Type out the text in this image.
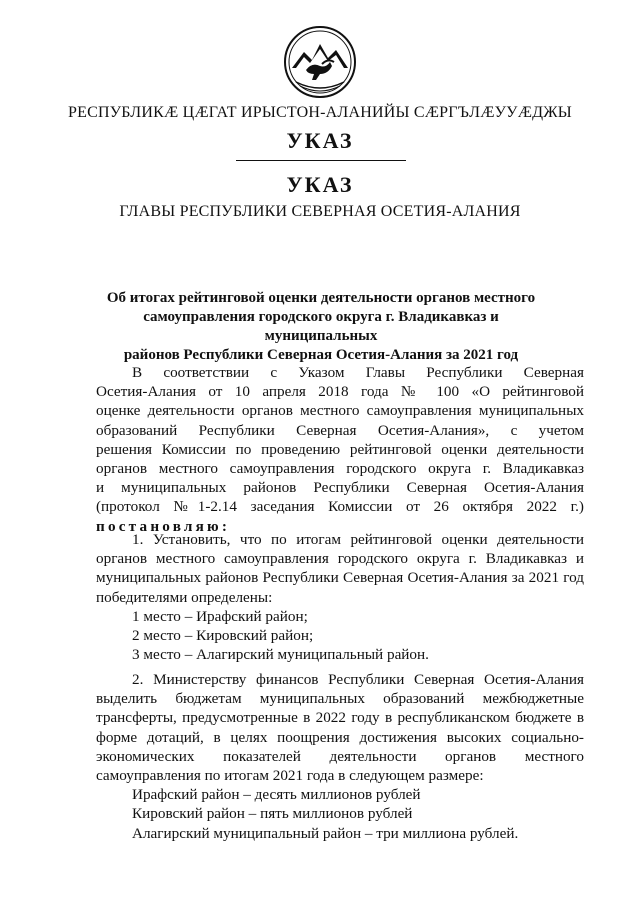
РЕСПУБЛИКӔ ЦӔГАТ ИРЫСТОН-АЛАНИЙЫ СӔРГЪЛӔУУӔДЖЫ
УКАЗ
УКАЗ
ГЛАВЫ РЕСПУБЛИКИ СЕВЕРНАЯ ОСЕТИЯ-АЛАНИЯ
Об итогах рейтинговой оценки деятельности органов местного
самоуправления городского округа г. Владикавказ и муниципальных
районов Республики Северная Осетия-Алания за 2021 год

В соответствии с Указом Главы Республики Северная

Осетия-Алания от 10 апреля 2018 года № 100 «О рейтинговой

оценке деятельности органов местного самоуправления муниципальных

образований Республики Северная Осетия-Алания», с учетом

решения Комиссии по проведению рейтинговой оценки деятельности

органов местного самоуправления городского округа г. Владикавказ

и муниципальных районов Республики Северная Осетия-Алания

(протокол №1-2.14 заседания Комиссии от 26 октября 2022 г.)

постановляю:

1. Установить, что по итогам рейтинговой оценки деятельности

органов местного самоуправления городского округа г. Владикавказ и

муниципальных районов Республики Северная Осетия-Алания за 2021 год

победителями определены:

1 место – Ирафский район;

2 место – Кировский район;

3 место – Алагирский муниципальный район.

2. Министерству финансов Республики Северная Осетия-Алания

выделить бюджетам муниципальных образований межбюджетные

трансферты, предусмотренные в 2022 году в республиканском бюджете в

форме дотаций, в целях поощрения достижения высоких социально-

экономических показателей деятельности органов местного

самоуправления по итогам 2021 года в следующем размере:

Ирафский район – десять миллионов рублей

Кировский район – пять миллионов рублей

Алагирский муниципальный район – три миллиона рублей.
